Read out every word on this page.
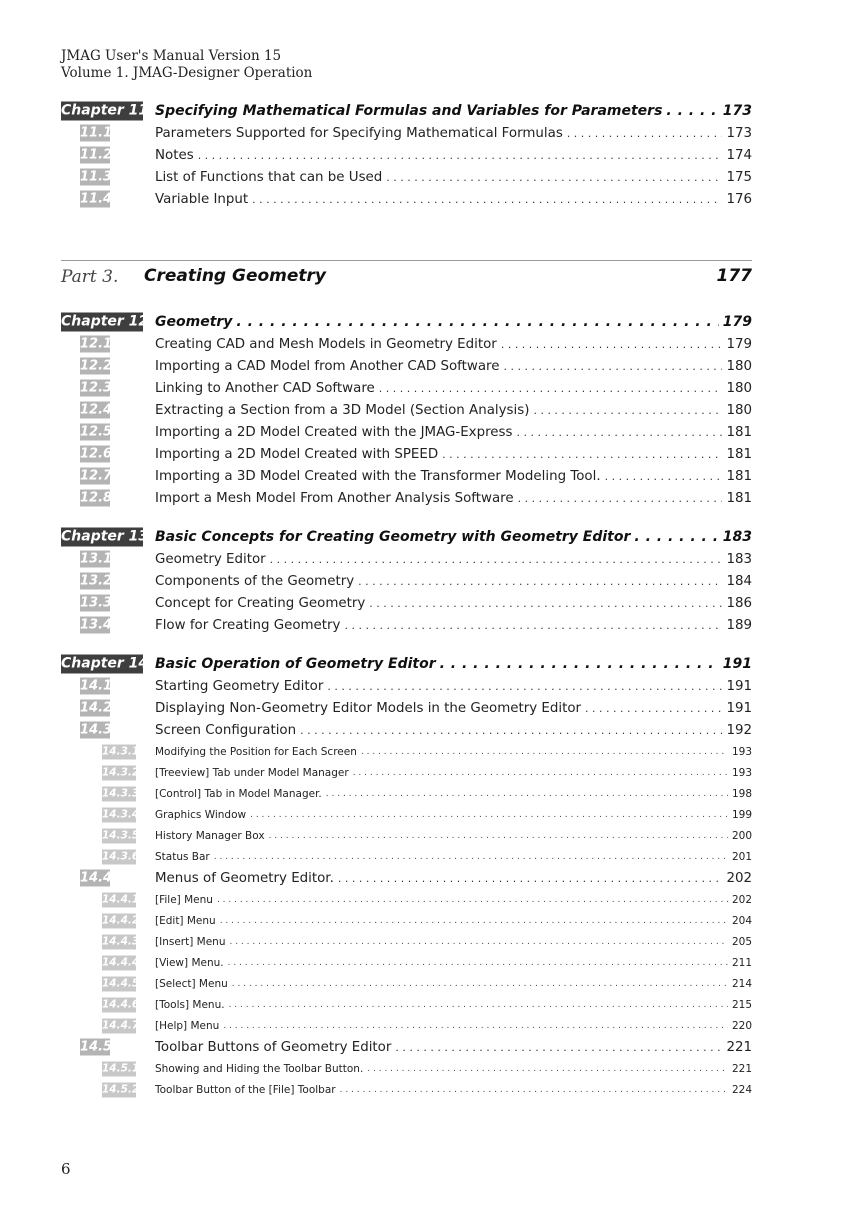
JMAG User's Manual Version 15
Volume 1. JMAG-Designer Operation
Chapter 11. Specifying Mathematical Formulas and Variables for Parameters . . .	173
11.1	Parameters Supported for Specifying Mathematical Formulas . . .	173
11.2	Notes . . .	174
11.3	List of Functions that can be Used . . .	175
11.4	Variable Input . . .	176
Part 3. Creating Geometry	177
Chapter 12. Geometry . . .	179
12.1	Creating CAD and Mesh Models in Geometry Editor . . .	179
12.2	Importing a CAD Model from Another CAD Software . . .	180
12.3	Linking to Another CAD Software . . .	180
12.4	Extracting a Section from a 3D Model (Section Analysis) . . .	180
12.5	Importing a 2D Model Created with the JMAG-Express . . .	181
12.6	Importing a 2D Model Created with SPEED . . .	181
12.7	Importing a 3D Model Created with the Transformer Modeling Tool. . . .	181
12.8	Import a Mesh Model From Another Analysis Software . . .	181
Chapter 13. Basic Concepts for Creating Geometry with Geometry Editor . . .	183
13.1	Geometry Editor . . .	183
13.2	Components of the Geometry . . .	184
13.3	Concept for Creating Geometry . . .	186
13.4	Flow for Creating Geometry . . .	189
Chapter 14. Basic Operation of Geometry Editor . . .	191
14.1	Starting Geometry Editor . . .	191
14.2	Displaying Non-Geometry Editor Models in the Geometry Editor . . .	191
14.3	Screen Configuration . . .	192
14.3.1 Modifying the Position for Each Screen . . .	193
14.3.2 [Treeview] Tab under Model Manager . . .	193
14.3.3 [Control] Tab in Model Manager. . . .	198
14.3.4 Graphics Window . . .	199
14.3.5 History Manager Box . . .	200
14.3.6 Status Bar . . .	201
14.4	Menus of Geometry Editor. . . .	202
14.4.1 [File] Menu . . .	202
14.4.2 [Edit] Menu . . .	204
14.4.3 [Insert] Menu . . .	205
14.4.4 [View] Menu. . . .	211
14.4.5 [Select] Menu . . .	214
14.4.6 [Tools] Menu. . . .	215
14.4.7 [Help] Menu . . .	220
14.5	Toolbar Buttons of Geometry Editor . . .	221
14.5.1 Showing and Hiding the Toolbar Button. . . .	221
14.5.2 Toolbar Button of the [File] Toolbar . . .	224
6
